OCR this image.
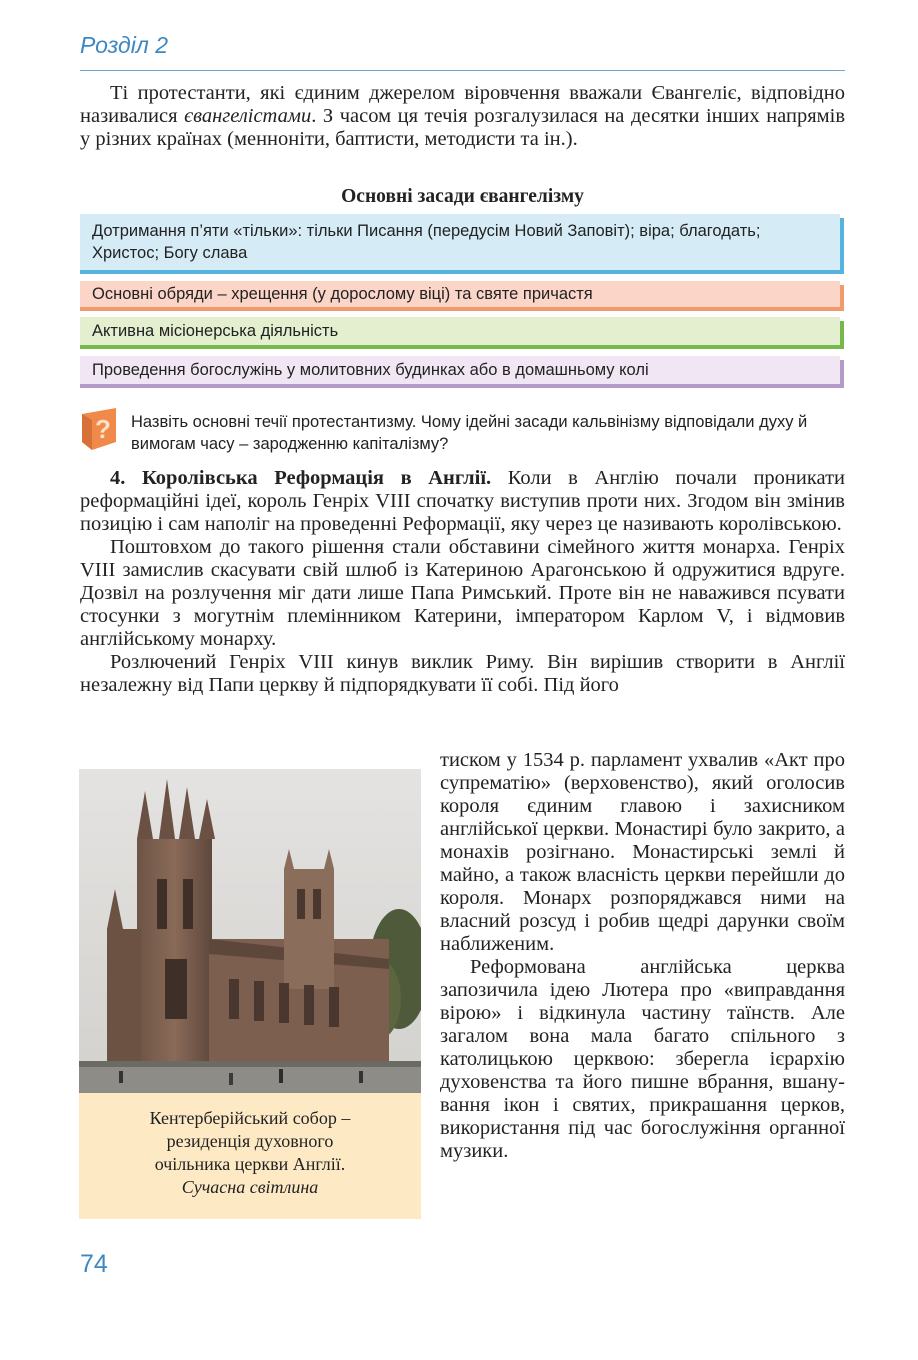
Розділ 2

Ті протестанти, які єдиним джерелом віровчення вважали Євангеліє, відповідно називалися євангелістами. З часом ця течія розгалузилася на десятки інших напрямів у різних країнах (меннонiти, баптисти, методисти та ін.).

Основні засади євангелізму
Дотримання п’яти «тільки»: тільки Писання (передусім Новий Заповіт); віра; благодать; Христос; Богу слава
Основні обряди – хрещення (у дорослому віці) та святе причастя
Активна місіонерська діяльність
Проведення богослужінь у молитовних будинках або в домашньому колі
? Назвіть основні течії протестантизму. Чому ідейні засади кальвінізму відповідали духу й вимогам часу – зародженню капіталізму?

4. Королівська Реформація в Англії. Коли в Англію почали проникати реформаційні ідеї, король Генріх VIII спочатку виступив проти них. Згодом він змінив позицію і сам наполіг на проведенні Реформації, яку через це називають королівською.

Поштовхом до такого рішення стали обставини сімейного життя монарха. Генріх VIII замислив скасувати свій шлюб із Катериною Арагонською й одружитися вдруге. Дозвіл на розлучення міг дати лише Папа Римський. Проте він не наважився псувати стосунки з могутнім племінником Катерини, імператором Карлом V, і відмовив англійському монарху.

Розлючений Генріх VIII кинув виклик Риму. Він вирішив створити в Англії незалежну від Папи церкву й підпорядкувати її собі. Під його

тиском у 1534 р. парламент ухвалив «Акт про супрематію» (верховенство), який оголосив короля єдиним главою і захисником англійської церкви. Монастирі було закрито, а монахів розігнано. Монастирські землі й майно, а також власність церкви перейшли до короля. Монарх розпоряджався ними на власний розсуд і робив щедрі дарунки своїм наближеним.

Реформована англійська церква запозичила ідею Лютера про «виправдання вірою» і відкинула частину таїнств. Але загалом вона мала багато спільного з католицькою церквою: зберегла ієрархію духовенства та його пишне вбрання, вшанування ікон і святих, прикрашання церков, використання під час богослужіння органної музики.

Кентерберійський собор –
резиденція духовного
очільника церкви Англії.
Сучасна світлина
74
